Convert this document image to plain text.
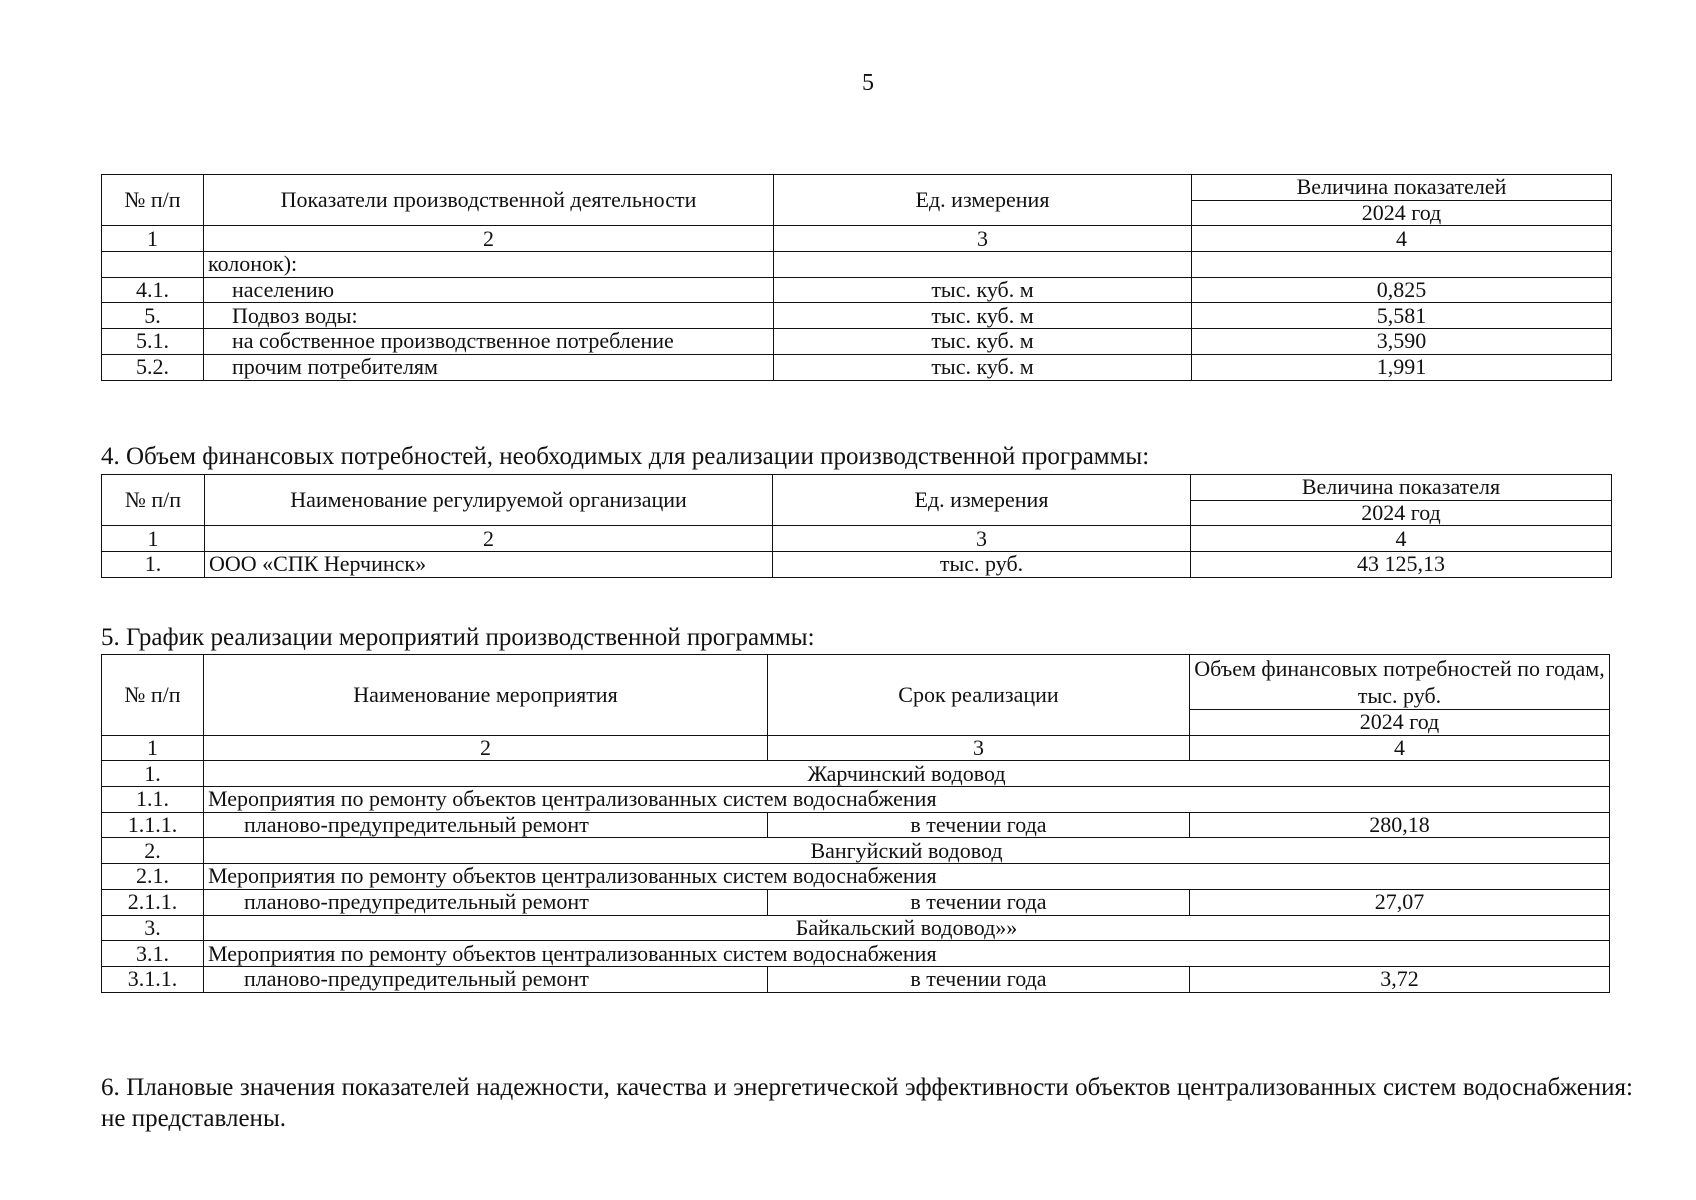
5
№ п/п	Показатели производственной деятельности	Ед. измерения	Величина показателей
			2024 год
1	2	3	4
	колонок):		
4.1.	населению	тыс. куб. м	0,825
5.	Подвоз воды:	тыс. куб. м	5,581
5.1.	на собственное производственное потребление	тыс. куб. м	3,590
5.2.	прочим потребителям	тыс. куб. м	1,991
4. Объем финансовых потребностей, необходимых для реализации производственной программы:
№ п/п	Наименование регулируемой организации	Ед. измерения	Величина показателя
			2024 год
1	2	3	4
1.	ООО «СПК Нерчинск»	тыс. руб.	43 125,13
5. График реализации мероприятий производственной программы:
№ п/п	Наименование мероприятия	Срок реализации	Объем финансовых потребностей по годам, тыс. руб.
			2024 год
1	2	3	4
1.	Жарчинский водовод		
1.1.	Мероприятия по ремонту объектов централизованных систем водоснабжения		
1.1.1.	планово-предупредительный ремонт	в течении года	280,18
2.	Вангуйский водовод		
2.1.	Мероприятия по ремонту объектов централизованных систем водоснабжения		
2.1.1.	планово-предупредительный ремонт	в течении года	27,07
3.	Байкальский водовод»»		
3.1.	Мероприятия по ремонту объектов централизованных систем водоснабжения		
3.1.1.	планово-предупредительный ремонт	в течении года	3,72
6. Плановые значения показателей надежности, качества и энергетической эффективности объектов централизованных систем водоснабжения: не представлены.
